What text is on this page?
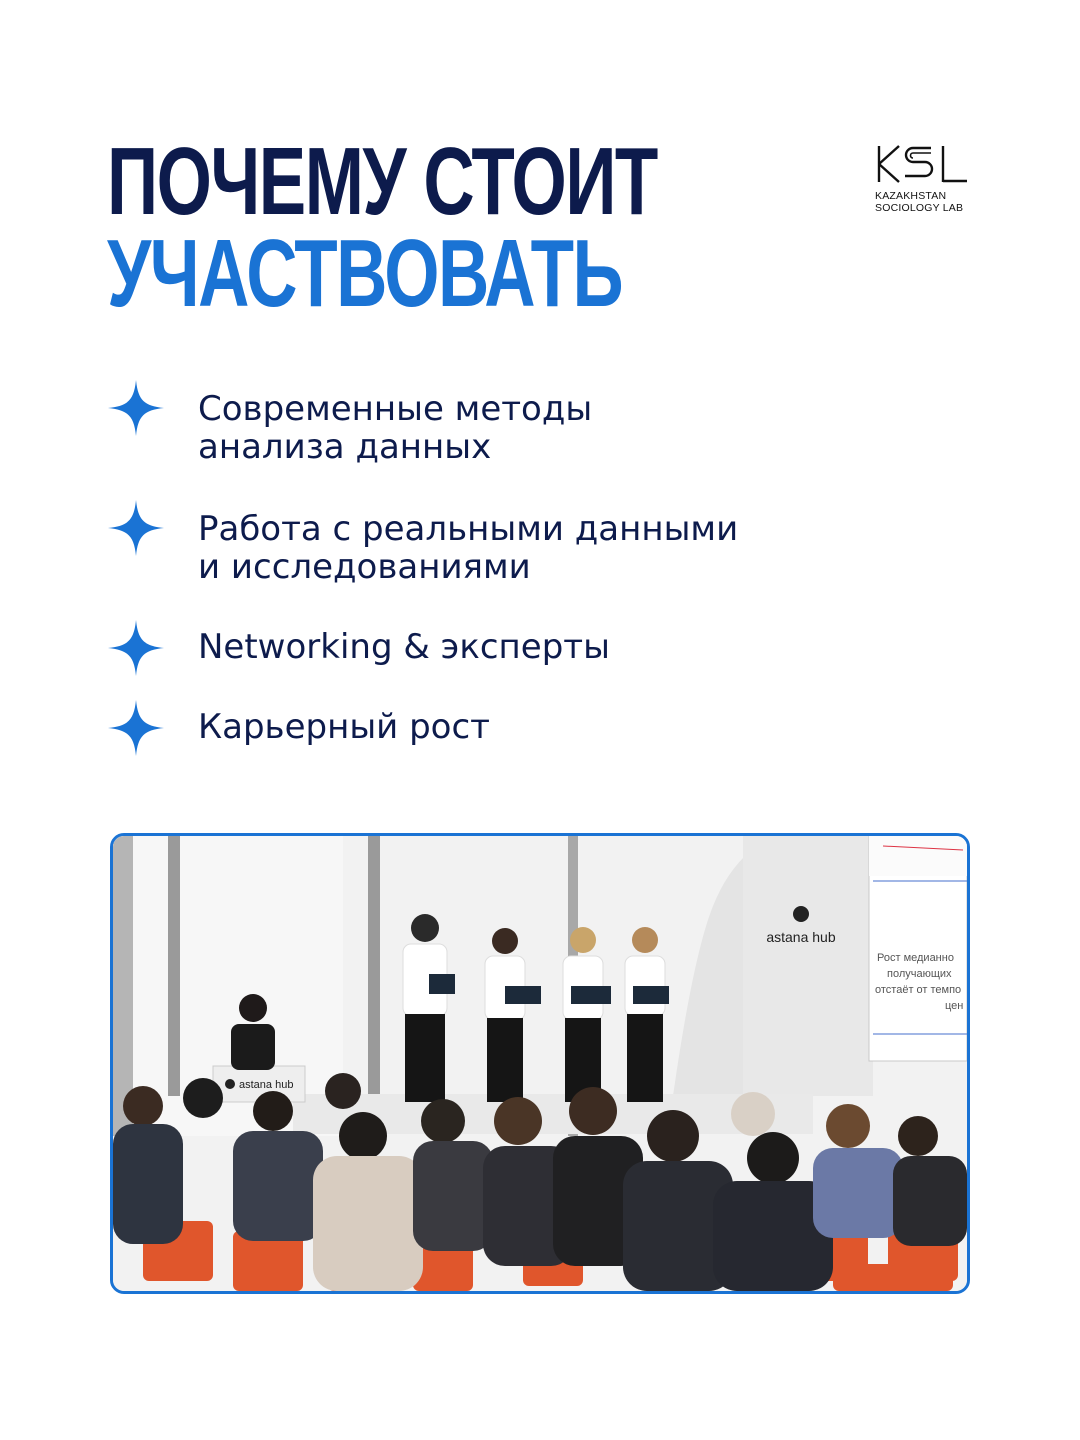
ПОЧЕМУ СТОИТ
УЧАСТВОВАТЬ
KAZAKHSTAN
SOCIOLOGY LAB
Современные методы
анализа данных
Работа с реальными данными
и исследованиями
Networking & эксперты
Карьерный рост
astana hub
Рост медианно
получающих
отстаёт от темпо
цен
astana hub
